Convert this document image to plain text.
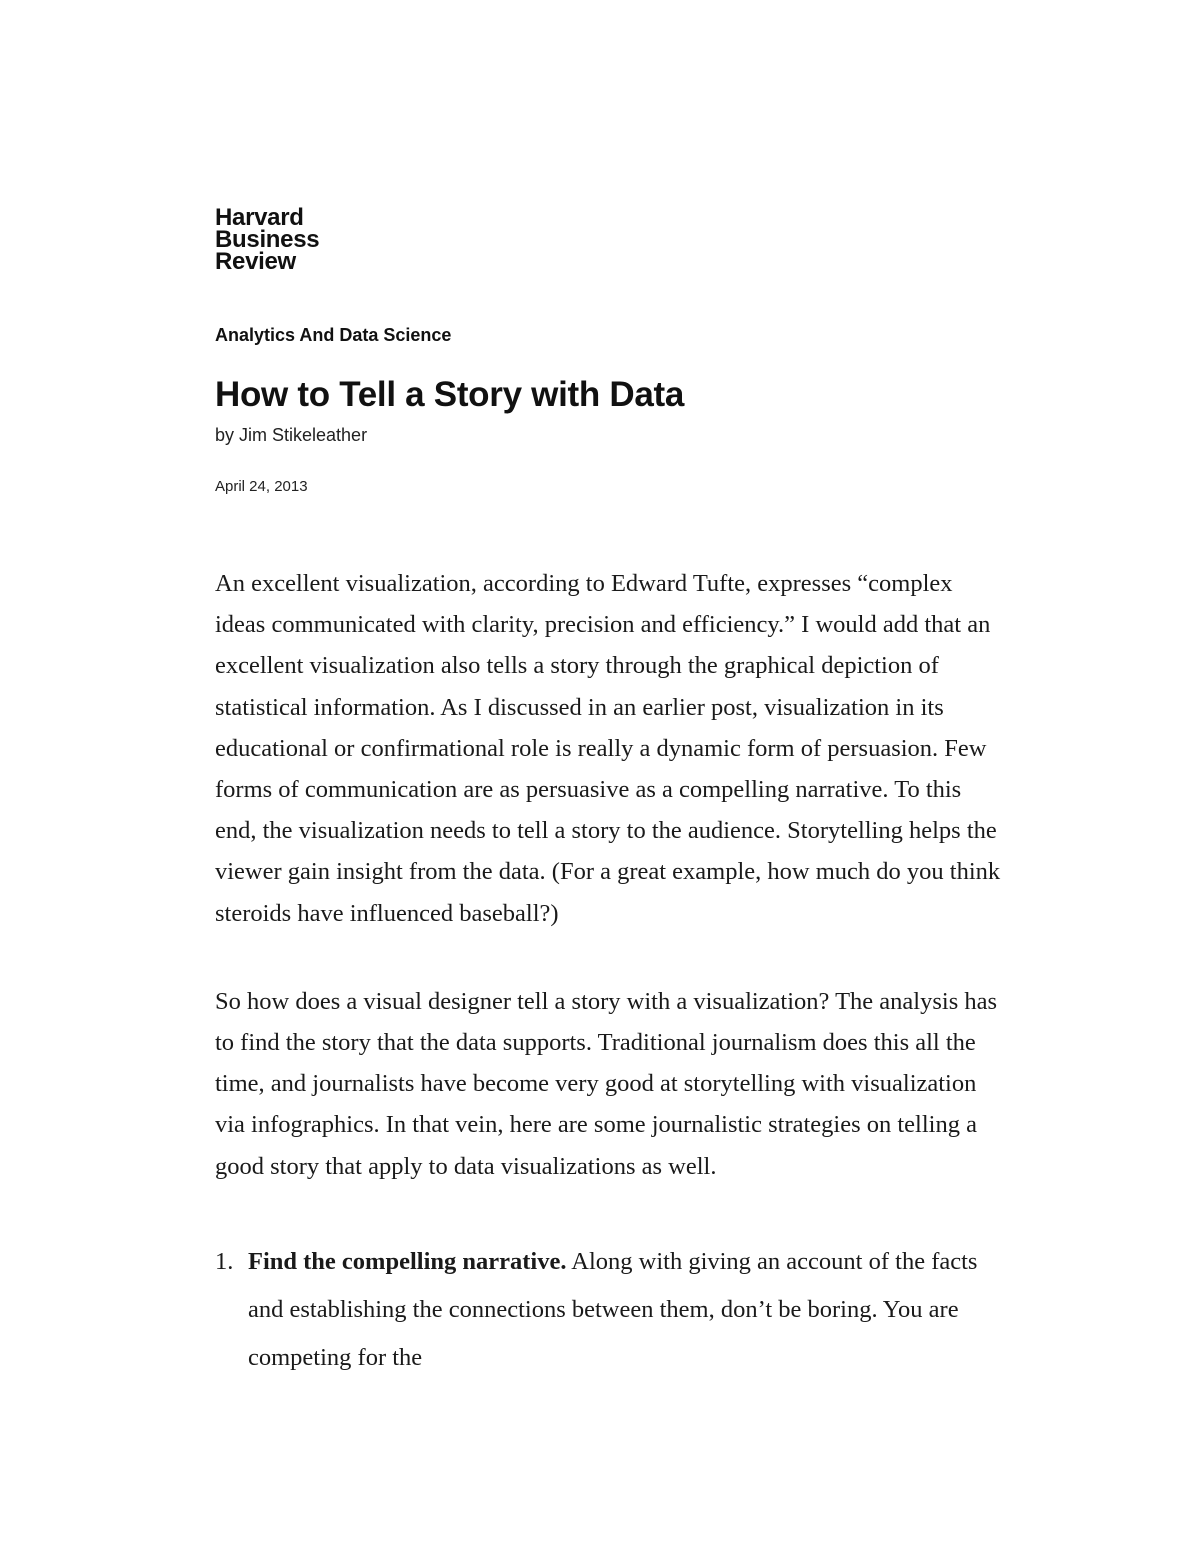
Harvard
Business
Review
Analytics And Data Science
How to Tell a Story with Data
by Jim Stikeleather
April 24, 2013

An excellent visualization, according to Edward Tufte, expresses “complex ideas communicated with clarity, precision and efficiency.” I would add that an excellent visualization also tells a story through the graphical depiction of statistical information. As I discussed in an earlier post, visualization in its educational or confirmational role is really a dynamic form of persuasion. Few forms of communication are as persuasive as a compelling narrative. To this end, the visualization needs to tell a story to the audience. Storytelling helps the viewer gain insight from the data. (For a great example, how much do you think steroids have influenced baseball?)

So how does a visual designer tell a story with a visualization? The analysis has to find the story that the data supports. Traditional journalism does this all the time, and journalists have become very good at storytelling with visualization via infographics. In that vein, here are some journalistic strategies on telling a good story that apply to data visualizations as well.

1. Find the compelling narrative. Along with giving an account of the facts and establishing the connections between them, don’t be boring. You are competing for the
